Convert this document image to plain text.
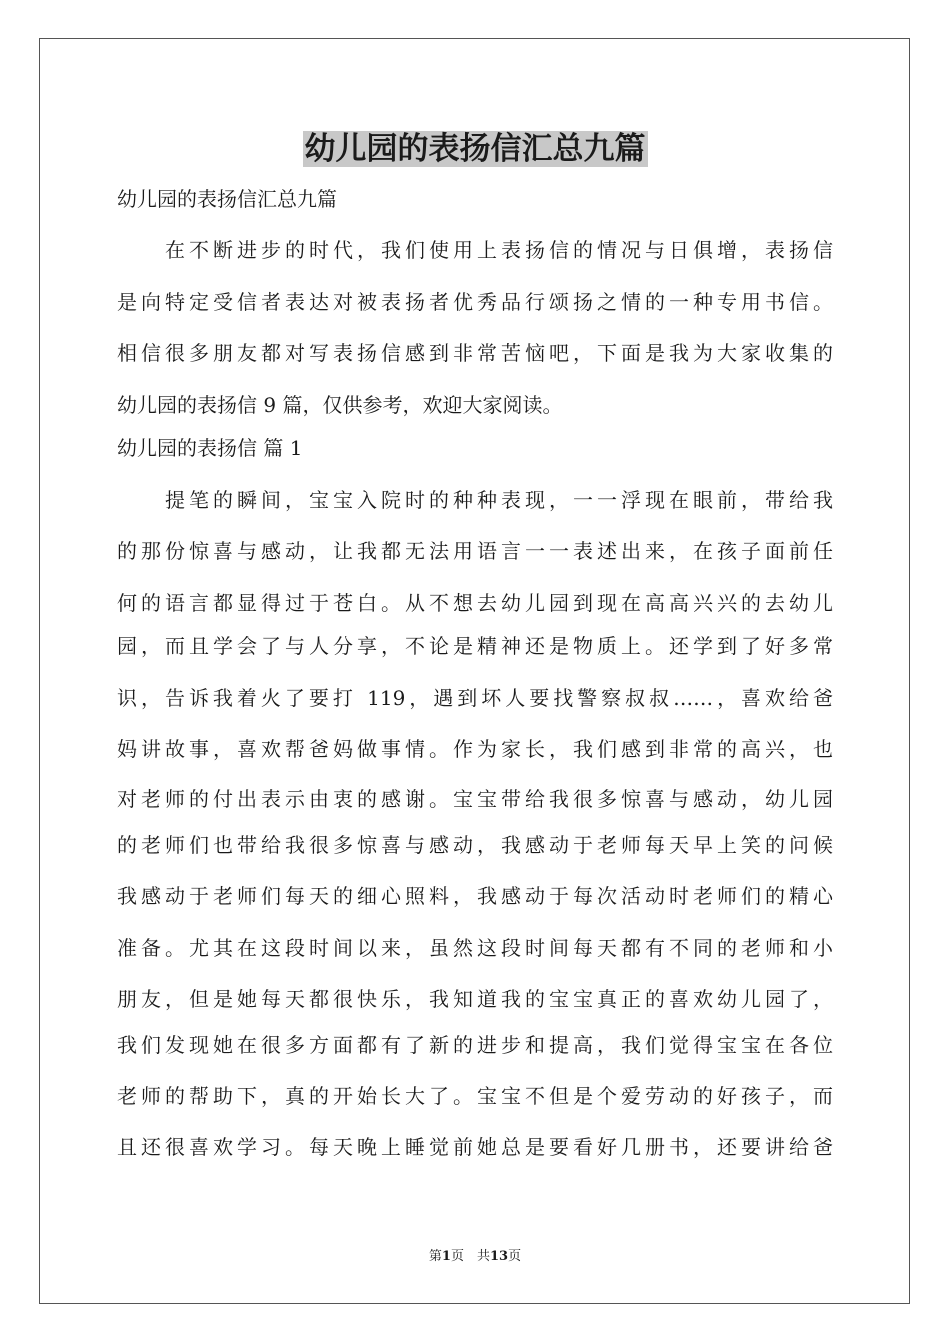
幼儿园的表扬信汇总九篇
幼儿园的表扬信汇总九篇
　　在不断进步的时代，我们使用上表扬信的情况与日俱增，表扬信
是向特定受信者表达对被表扬者优秀品行颂扬之情的一种专用书信。
相信很多朋友都对写表扬信感到非常苦恼吧，下面是我为大家收集的
幼儿园的表扬信 9 篇，仅供参考，欢迎大家阅读。
幼儿园的表扬信 篇 1
　　提笔的瞬间，宝宝入院时的种种表现，一一浮现在眼前，带给我
的那份惊喜与感动，让我都无法用语言一一表述出来，在孩子面前任
何的语言都显得过于苍白。从不想去幼儿园到现在高高兴兴的去幼儿
园，而且学会了与人分享，不论是精神还是物质上。还学到了好多常
识，告诉我着火了要打 119，遇到坏人要找警察叔叔……，喜欢给爸
妈讲故事，喜欢帮爸妈做事情。作为家长，我们感到非常的高兴，也
对老师的付出表示由衷的感谢。宝宝带给我很多惊喜与感动，幼儿园
的老师们也带给我很多惊喜与感动，我感动于老师每天早上笑的问候
我感动于老师们每天的细心照料，我感动于每次活动时老师们的精心
准备。尤其在这段时间以来，虽然这段时间每天都有不同的老师和小
朋友，但是她每天都很快乐，我知道我的宝宝真正的喜欢幼儿园了，
我们发现她在很多方面都有了新的进步和提高，我们觉得宝宝在各位
老师的帮助下，真的开始长大了。宝宝不但是个爱劳动的好孩子，而
且还很喜欢学习。每天晚上睡觉前她总是要看好几册书，还要讲给爸
第1页　共13页
